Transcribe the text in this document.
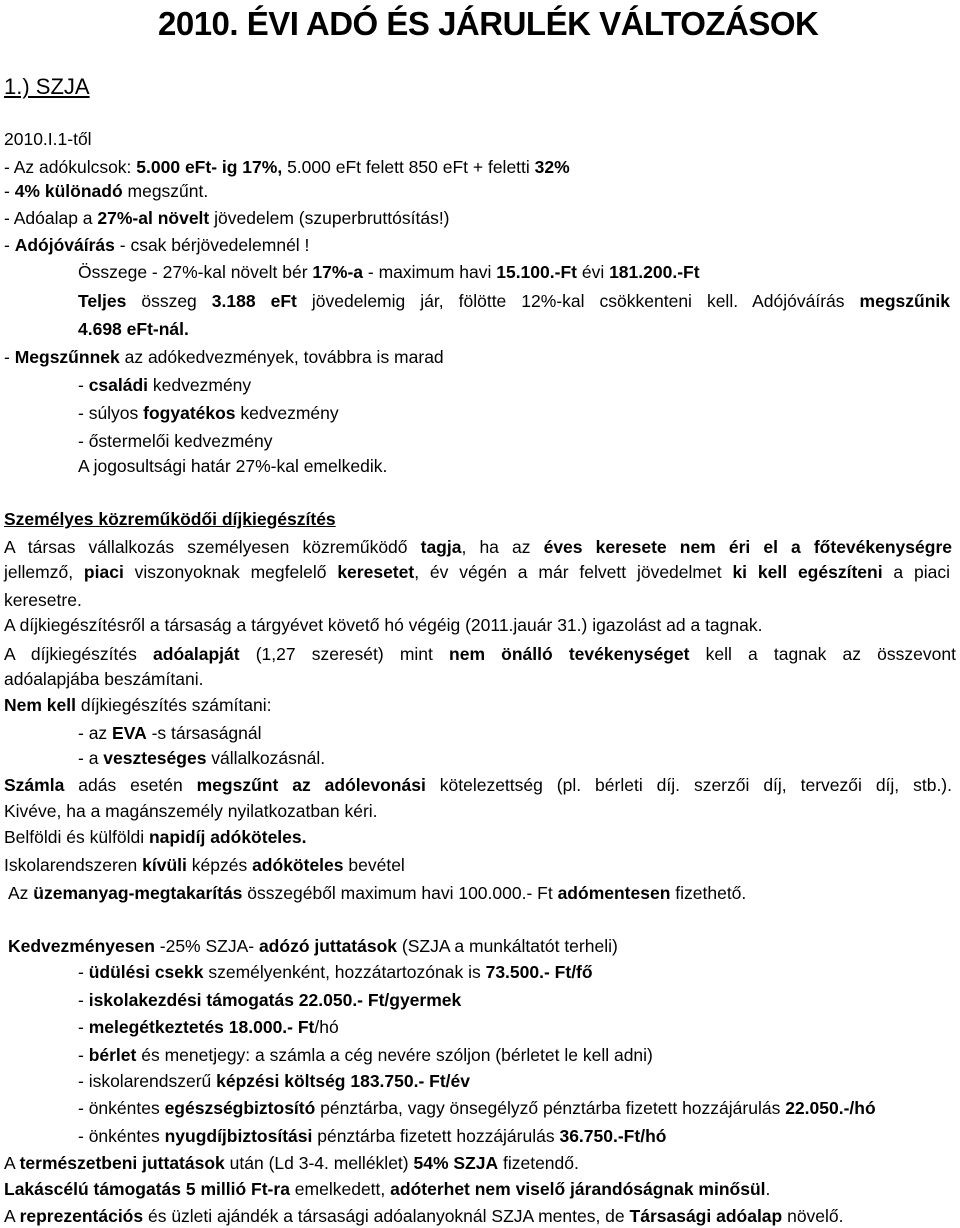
2010. ÉVI ADÓ ÉS JÁRULÉK VÁLTOZÁSOK
1.) SZJA
2010.I.1-től
- Az adókulcsok: 5.000 eFt- ig 17%, 5.000 eFt felett 850 eFt + feletti 32%
- 4% különadó megszűnt.
- Adóalap a 27%-al növelt jövedelem (szuperbruttósítás!)
- Adójóváírás - csak bérjövedelemnél !
Összege - 27%-kal növelt bér 17%-a - maximum havi 15.100.-Ft évi 181.200.-Ft
Teljes összeg 3.188 eFt jövedelemig jár, fölötte 12%-kal csökkenteni kell. Adójóváírás megszűnik
4.698 eFt-nál.
- Megszűnnek az adókedvezmények, továbbra is marad
- családi kedvezmény
- súlyos fogyatékos kedvezmény
- őstermelői kedvezmény
A jogosultsági határ 27%-kal emelkedik.
Személyes közreműködői díjkiegészítés
A társas vállalkozás személyesen közreműködő tagja, ha az éves keresete nem éri el a főtevékenységre
jellemző, piaci viszonyoknak megfelelő keresetet, év végén a már felvett jövedelmet ki kell egészíteni a piaci
keresetre.
A díjkiegészítésről a társaság a tárgyévet követő hó végéig (2011.jauár 31.) igazolást ad a tagnak.
A díjkiegészítés adóalapját (1,27 szeresét) mint nem önálló tevékenységet kell a tagnak az összevont
adóalapjába beszámítani.
Nem kell díjkiegészítés számítani:
- az EVA -s társaságnál
- a veszteséges vállalkozásnál.
Számla adás esetén megszűnt az adólevonási kötelezettség (pl. bérleti díj. szerzői díj, tervezői díj, stb.).
Kivéve, ha a magánszemély nyilatkozatban kéri.
Belföldi és külföldi napidíj adóköteles.
Iskolarendszeren kívüli képzés adóköteles bevétel
Az üzemanyag-megtakarítás összegéből maximum havi 100.000.- Ft adómentesen fizethető.
Kedvezményesen -25% SZJA- adózó juttatások (SZJA a munkáltatót terheli)
- üdülési csekk személyenként, hozzátartozónak is 73.500.- Ft/fő
- iskolakezdési támogatás 22.050.- Ft/gyermek
- melegétkeztetés 18.000.- Ft/hó
- bérlet és menetjegy: a számla a cég nevére szóljon (bérletet le kell adni)
- iskolarendszerű képzési költség 183.750.- Ft/év
- önkéntes egészségbiztosító pénztárba, vagy önsegélyző pénztárba fizetett hozzájárulás 22.050.-/hó
- önkéntes nyugdíjbiztosítási pénztárba fizetett hozzájárulás 36.750.-Ft/hó
A természetbeni juttatások után (Ld 3-4. melléklet) 54% SZJA fizetendő.
Lakáscélú támogatás 5 millió Ft-ra emelkedett, adóterhet nem viselő járandóságnak minősül.
A reprezentációs és üzleti ajándék a társasági adóalanyoknál SZJA mentes, de Társasági adóalap növelő.
